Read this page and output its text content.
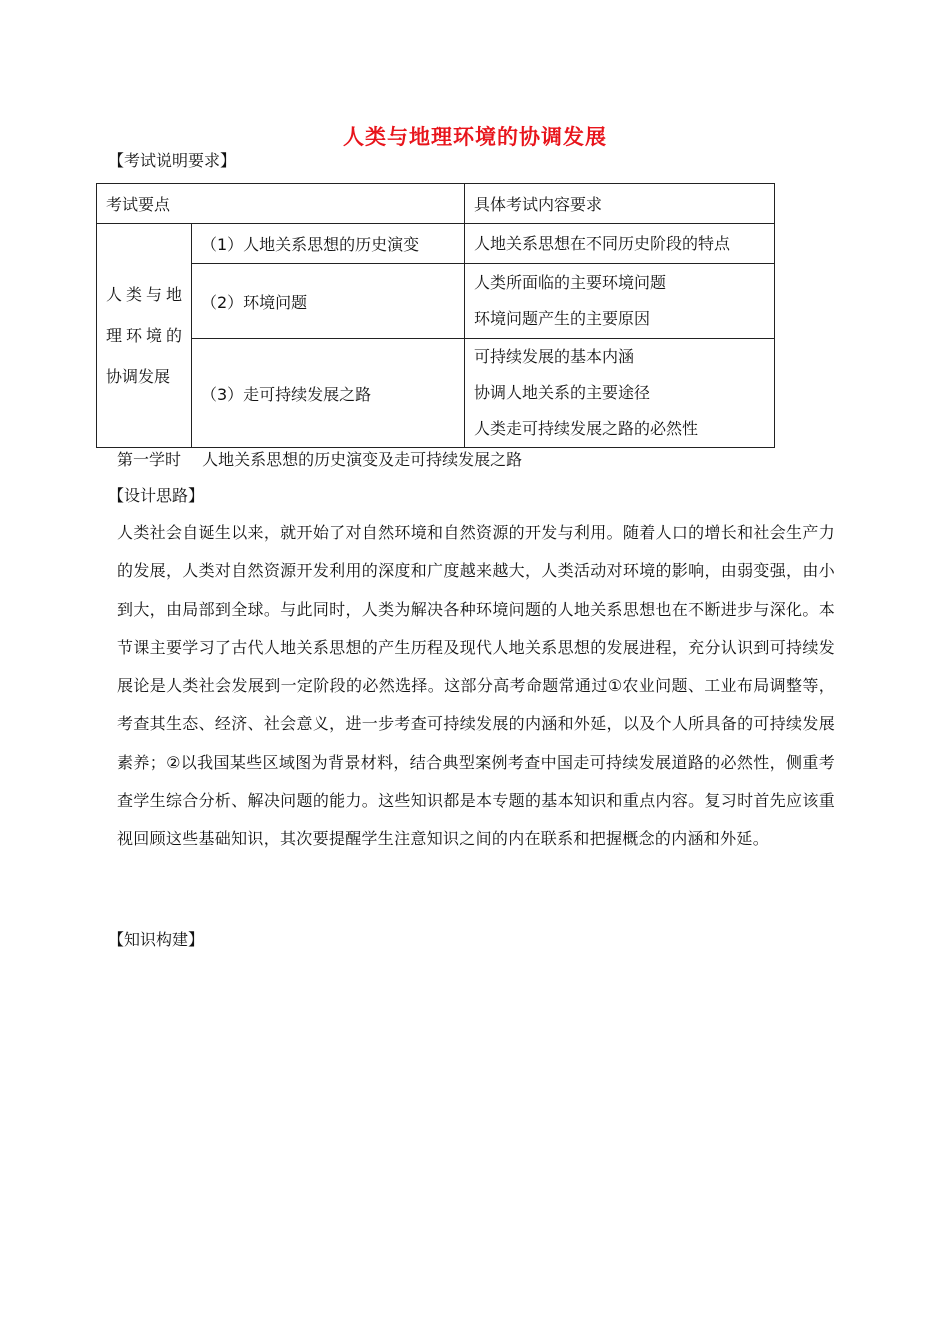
人类与地理环境的协调发展
【考试说明要求】
考试要点		具体考试内容要求
人类与地理环境的协调发展	（1）人地关系思想的历史演变	人地关系思想在不同历史阶段的特点

	（2）环境问题	人类所面临的主要环境问题
环境问题产生的主要原因

	（3）走可持续发展之路	可持续发展的基本内涵
协调人地关系的主要途径
人类走可持续发展之路的必然性
第一学时 人地关系思想的历史演变及走可持续发展之路
【设计思路】
人类社会自诞生以来，就开始了对自然环境和自然资源的开发与利用。随着人口的增长和社会生产力的发展，人类对自然资源开发利用的深度和广度越来越大，人类活动对环境的影响，由弱变强，由小到大，由局部到全球。与此同时，人类为解决各种环境问题的人地关系思想也在不断进步与深化。本节课主要学习了古代人地关系思想的产生历程及现代人地关系思想的发展进程，充分认识到可持续发展论是人类社会发展到一定阶段的必然选择。这部分高考命题常通过①农业问题、工业布局调整等，考查其生态、经济、社会意义，进一步考查可持续发展的内涵和外延，以及个人所具备的可持续发展素养；②以我国某些区域图为背景材料，结合典型案例考查中国走可持续发展道路的必然性，侧重考查学生综合分析、解决问题的能力。这些知识都是本专题的基本知识和重点内容。复习时首先应该重视回顾这些基础知识，其次要提醒学生注意知识之间的内在联系和把握概念的内涵和外延。
【知识构建】
